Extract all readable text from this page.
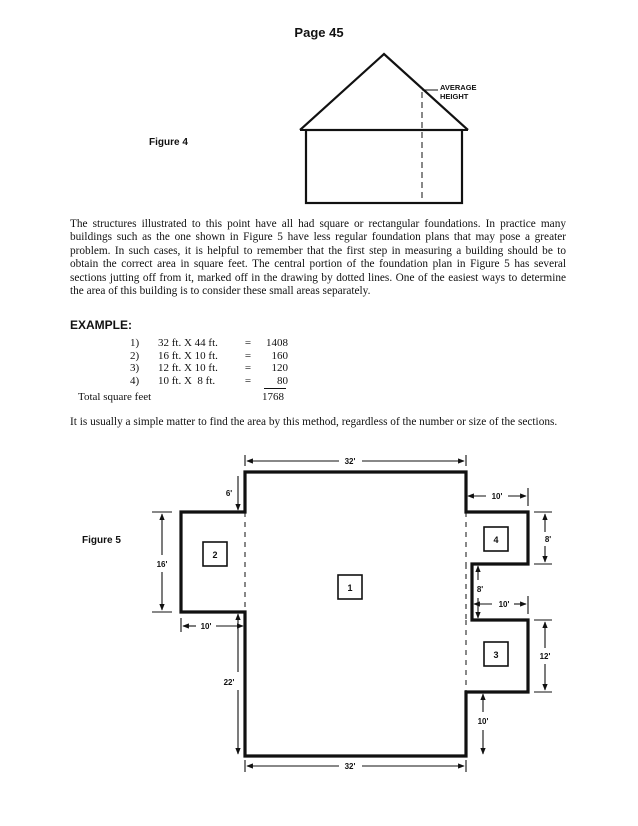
Page 45
AVERAGE
HEIGHT
Figure 4

The structures illustrated to this point have all had square or rectangular foundations. In practice many buildings such as the one shown in Figure 5 have less regular foundation plans that may pose a greater problem. In such cases, it is helpful to remember that the first step in measuring a building should be to obtain the correct area in square feet. The central portion of the foundation plan in Figure 5 has several sections jutting off from it, marked off in the drawing by dotted lines. One of the easiest ways to determine the area of this building is to consider these small areas separately.

EXAMPLE:
1)	32 ft. X 44 ft.	=	1408
2)	16 ft. X 10 ft.	=	160
3)	12 ft. X 10 ft.	=	120
4)	10 ft. X  8 ft.	=	80
Total square feet	1768

It is usually a simple matter to find the area by this method, regardless of the number or size of the sections.

Figure 5
1
2
3
4
32'
32'
6'
16'
10'
22'
10'
8'
8'
10'
12'
10'
